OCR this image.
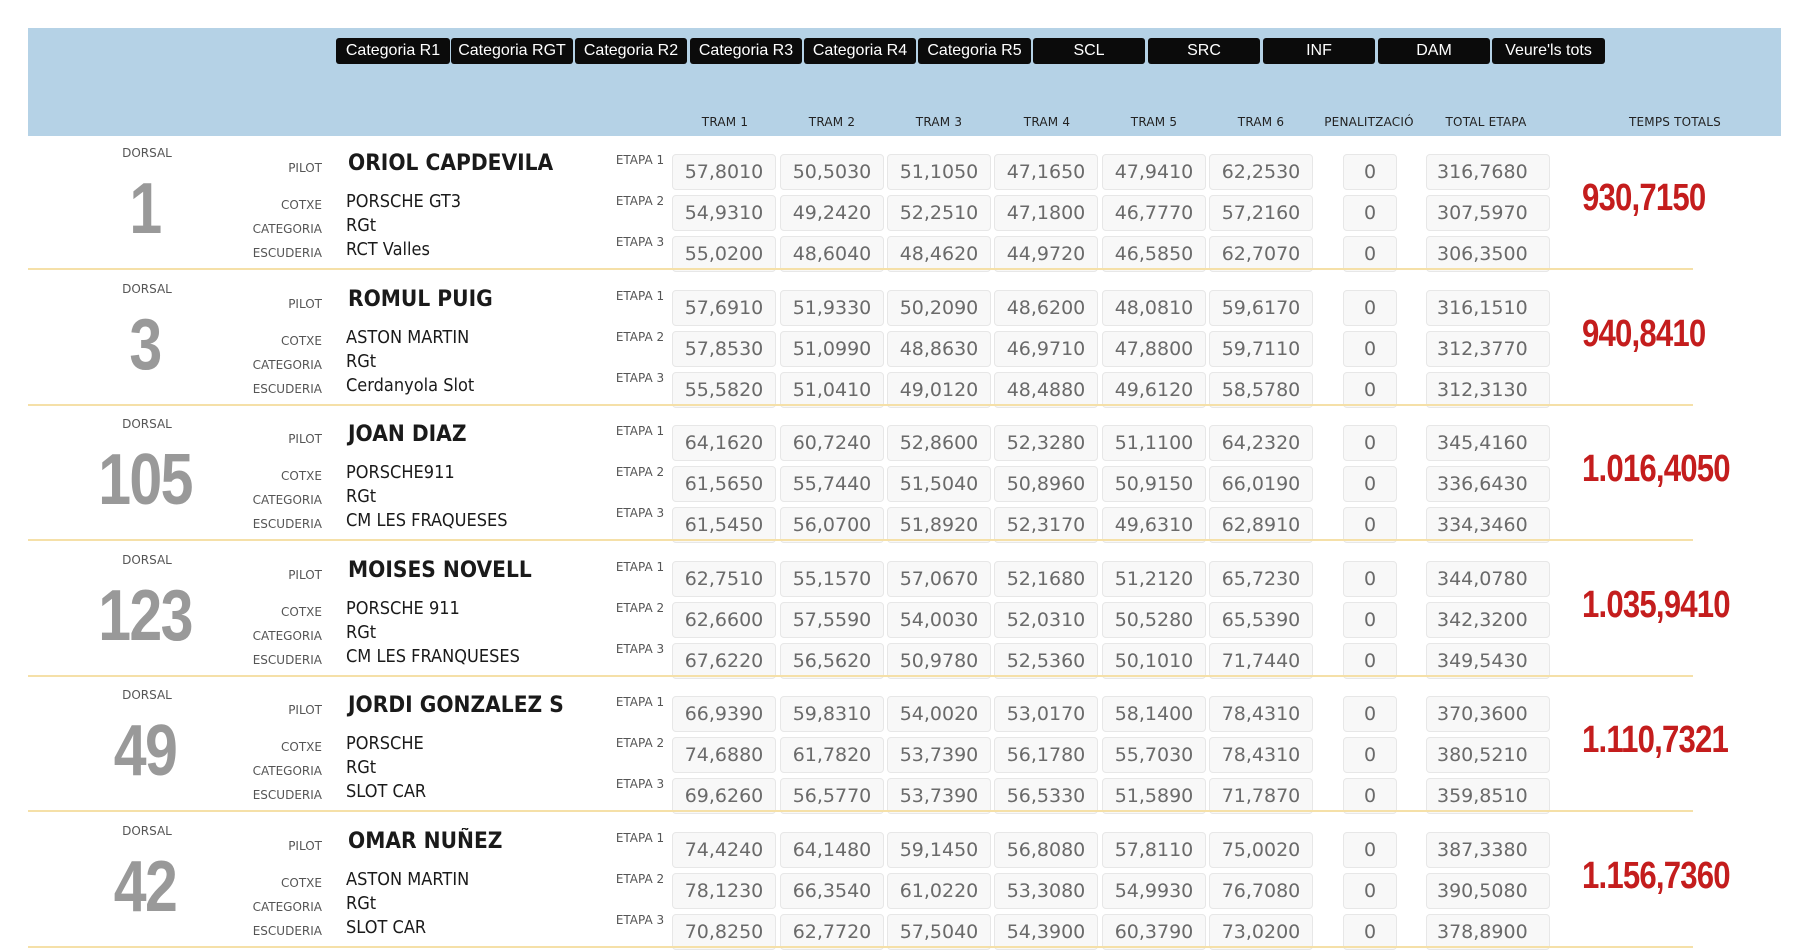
Categoria R1	Categoria RGT	Categoria R2	Categoria R3	Categoria R4	Categoria R5	SCL	SRC	INF	DAM	Veure'ls tots
TRAM 1	TRAM 2	TRAM 3	TRAM 4	TRAM 5	TRAM 6	PENALITZACIÓ	TOTAL ETAPA	TEMPS TOTALS
DORSAL
1
PILOT ORIOL CAPDEVILA
COTXE PORSCHE GT3
CATEGORIA RGt
ESCUDERIA RCT Valles
ETAPA 1
57,8010	50,5030	51,1050	47,1650	47,9410	62,2530	0	316,7680
ETAPA 2
54,9310	49,2420	52,2510	47,1800	46,7770	57,2160	0	307,5970
ETAPA 3
55,0200	48,6040	48,4620	44,9720	46,5850	62,7070	0	306,3500
930,7150
DORSAL
3
PILOT ROMUL PUIG
COTXE ASTON MARTIN
CATEGORIA RGt
ESCUDERIA Cerdanyola Slot
ETAPA 1
57,6910	51,9330	50,2090	48,6200	48,0810	59,6170	0	316,1510
ETAPA 2
57,8530	51,0990	48,8630	46,9710	47,8800	59,7110	0	312,3770
ETAPA 3
55,5820	51,0410	49,0120	48,4880	49,6120	58,5780	0	312,3130
940,8410
DORSAL
105
PILOT JOAN DIAZ
COTXE PORSCHE911
CATEGORIA RGt
ESCUDERIA CM LES FRAQUESES
ETAPA 1
64,1620	60,7240	52,8600	52,3280	51,1100	64,2320	0	345,4160
ETAPA 2
61,5650	55,7440	51,5040	50,8960	50,9150	66,0190	0	336,6430
ETAPA 3
61,5450	56,0700	51,8920	52,3170	49,6310	62,8910	0	334,3460
1.016,4050
DORSAL
123
PILOT MOISES NOVELL
COTXE PORSCHE 911
CATEGORIA RGt
ESCUDERIA CM LES FRANQUESES
ETAPA 1
62,7510	55,1570	57,0670	52,1680	51,2120	65,7230	0	344,0780
ETAPA 2
62,6600	57,5590	54,0030	52,0310	50,5280	65,5390	0	342,3200
ETAPA 3
67,6220	56,5620	50,9780	52,5360	50,1010	71,7440	0	349,5430
1.035,9410
DORSAL
49
PILOT JORDI GONZALEZ S
COTXE PORSCHE
CATEGORIA RGt
ESCUDERIA SLOT CAR
ETAPA 1
66,9390	59,8310	54,0020	53,0170	58,1400	78,4310	0	370,3600
ETAPA 2
74,6880	61,7820	53,7390	56,1780	55,7030	78,4310	0	380,5210
ETAPA 3
69,6260	56,5770	53,7390	56,5330	51,5890	71,7870	0	359,8510
1.110,7321
DORSAL
42
PILOT OMAR NUÑEZ
COTXE ASTON MARTIN
CATEGORIA RGt
ESCUDERIA SLOT CAR
ETAPA 1
74,4240	64,1480	59,1450	56,8080	57,8110	75,0020	0	387,3380
ETAPA 2
78,1230	66,3540	61,0220	53,3080	54,9930	76,7080	0	390,5080
ETAPA 3
70,8250	62,7720	57,5040	54,3900	60,3790	73,0200	0	378,8900
1.156,7360
